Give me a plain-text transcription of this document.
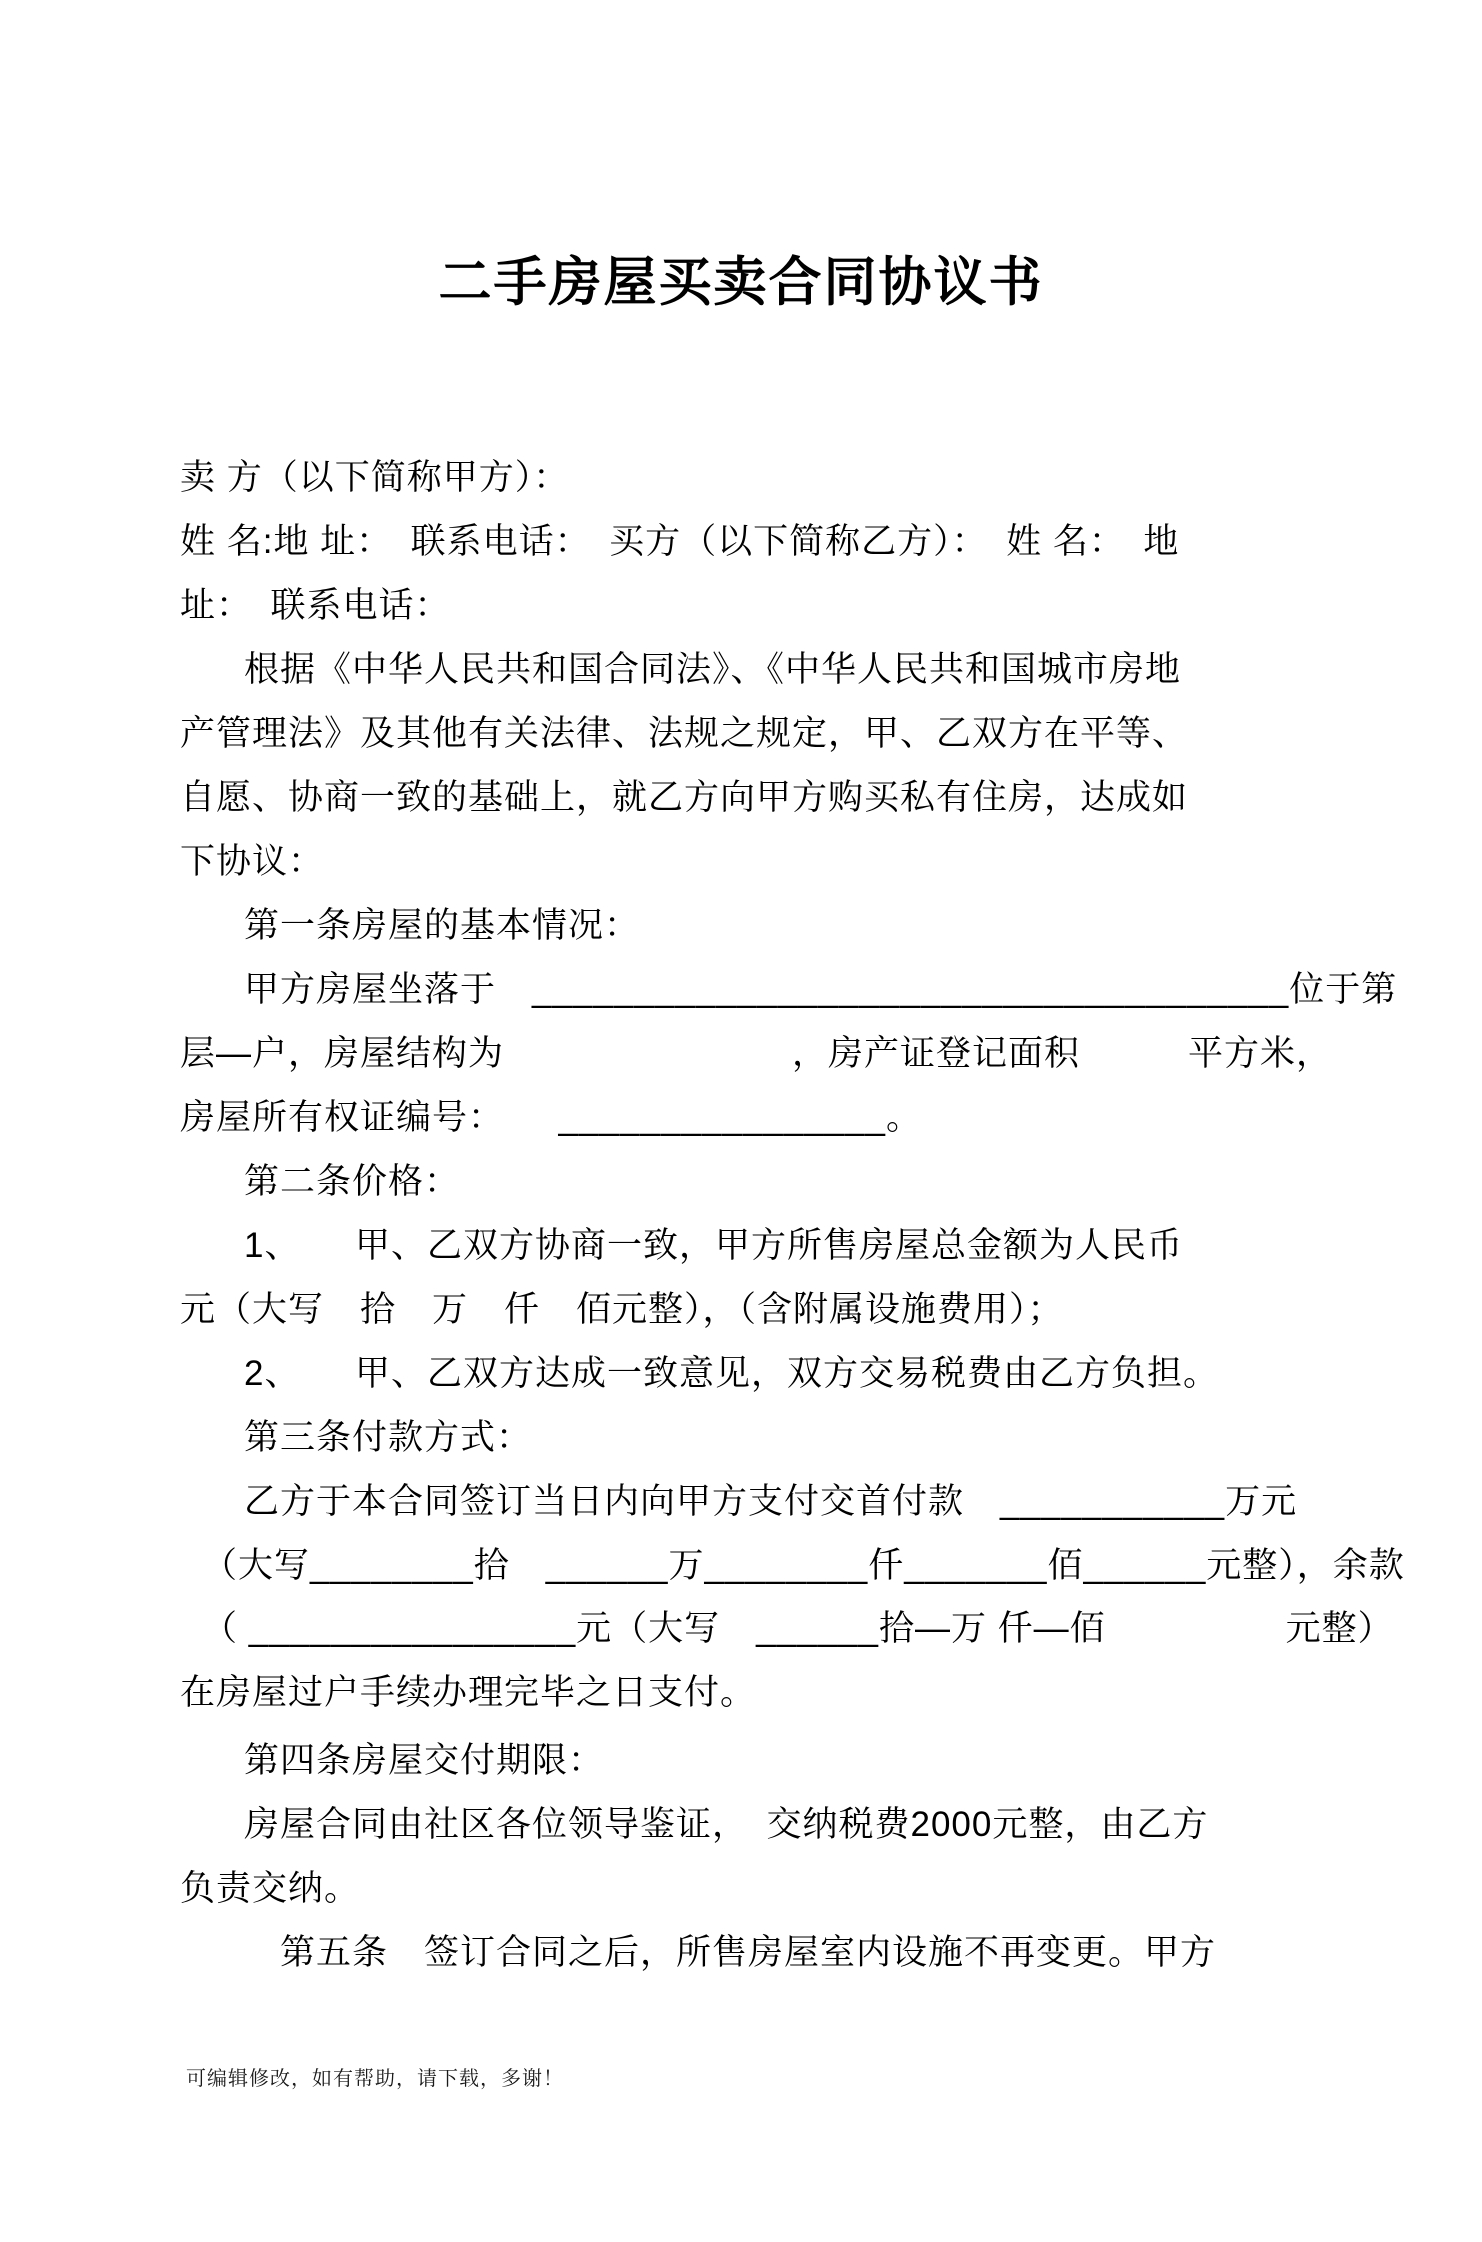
二手房屋买卖合同协议书
卖 方（以下简称甲方）：
姓 名:地 址：　联系电话：　买方（以下简称乙方）：　姓 名：　地
址：　联系电话：
根据《中华人民共和国合同法》、《中华人民共和国城市房地
产管理法》及其他有关法律、法规之规定，甲、乙双方在平等、
自愿、协商一致的基础上，就乙方向甲方购买私有住房，达成如
下协议：
第一条房屋的基本情况：
甲方房屋坐落于　_____________________________________位于第
层—户，房屋结构为　　　　　　　　，房产证登记面积　　　平方米，
房屋所有权证编号：　　________________。
第二条价格：
1、　　甲、乙双方协商一致，甲方所售房屋总金额为人民币
元（大写　拾　万　仟　佰元整），（含附属设施费用）；
2、　　甲、乙双方达成一致意见，双方交易税费由乙方负担。
第三条付款方式：
乙方于本合同签订当日内向甲方支付交首付款　___________万元
（大写________拾　______万________仟_______佰______元整），余款
（ ________________元（大写　______拾—万 仟—佰　　　　　元整）
在房屋过户手续办理完毕之日支付。
第四条房屋交付期限：
房屋合同由社区各位领导鉴证，　交纳税费2000元整，由乙方
负责交纳。
第五条　签订合同之后，所售房屋室内设施不再变更。甲方
可编辑修改，如有帮助，请下载，多谢！
